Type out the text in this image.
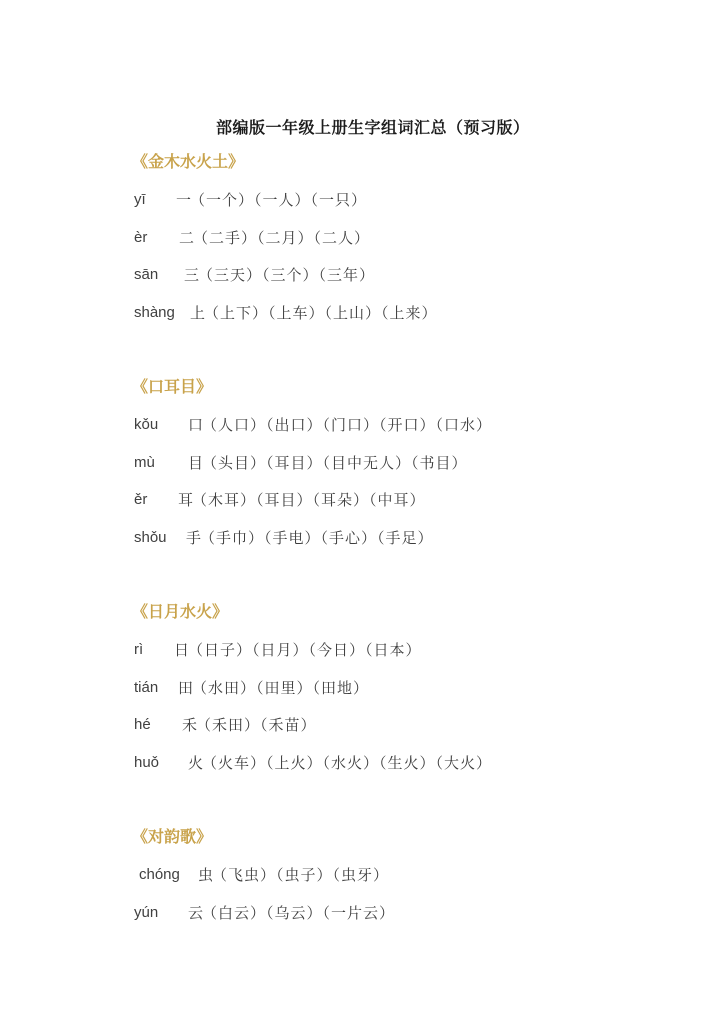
部编版一年级上册生字组词汇总（预习版）
《金木水火土》
yī 一
（一个）（一人）（一只）
èr 二
（二手）（二月）（二人）
sān 三
（三天）（三个）（三年）
shàng 上
（上下）（上车）（上山）（上来）
《口耳目》
kǒu 口
（人口）（出口）（门口）（开口）（口水）
mù 目
（头目）（耳目）（目中无人）（书目）
ěr 耳
（木耳）（耳目）（耳朵）（中耳）
shǒu 手
（手巾）（手电）（手心）（手足）
《日月水火》
rì 日
（日子）（日月）（今日）（日本）
tián 田
（水田）（田里）（田地）
hé 禾
（禾田）（禾苗）
huǒ 火
（火车）（上火）（水火）（生火）（大火）
《对韵歌》
chóng 虫
（飞虫）（虫子）（虫牙）
yún 云
（白云）（乌云）（一片云）
